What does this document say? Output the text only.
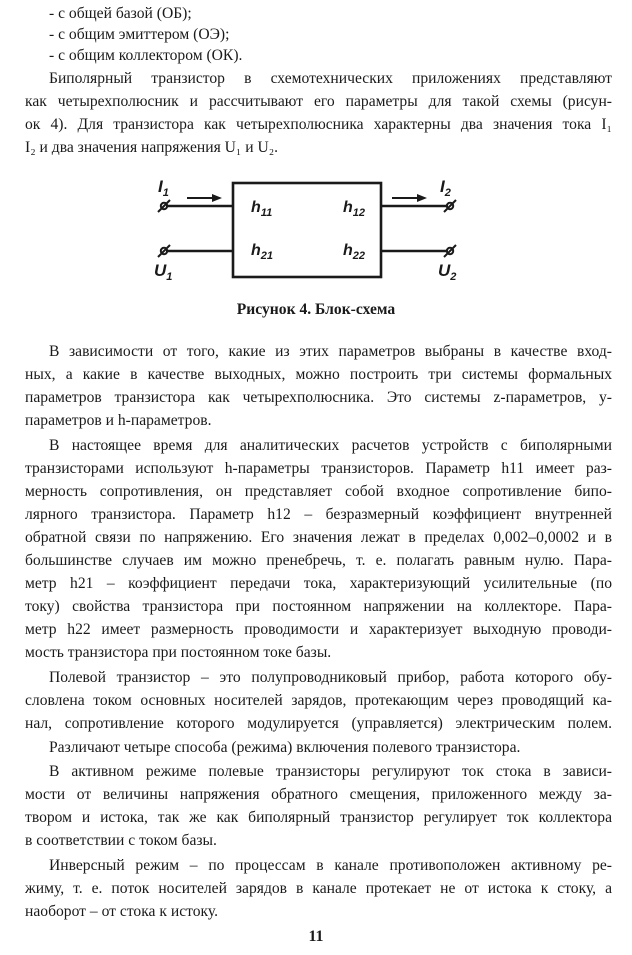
- с общей базой (ОБ);
- с общим эмиттером (ОЭ);
- с общим коллектором (ОК).
Биполярный транзистор в схемотехнических приложениях представляют
как четырехполюсник и рассчитывают его параметры для такой схемы (рисун-
ок 4). Для транзистора как четырехполюсника характерны два значения тока I₁
I₂ и два значения напряжения U₁ и U₂.
$I_1$
$U_1$
$I_2$
$U_2$
$h_{11}$	$h_{12}$
$h_{21}$	$h_{22}$
Рисунок 4. Блок-схема
В зависимости от того, какие из этих параметров выбраны в качестве вход-
ных, а какие в качестве выходных, можно построить три системы формальных
параметров транзистора как четырехполюсника. Это системы z-параметров, y-
параметров и h-параметров.
В настоящее время для аналитических расчетов устройств с биполярными
транзисторами используют h-параметры транзисторов. Параметр h11 имеет раз-
мерность сопротивления, он представляет собой входное сопротивление бипо-
лярного транзистора. Параметр h12 – безразмерный коэффициент внутренней
обратной связи по напряжению. Его значения лежат в пределах 0,002–0,0002 и в
большинстве случаев им можно пренебречь, т. е. полагать равным нулю. Пара-
метр h21 – коэффициент передачи тока, характеризующий усилительные (по
току) свойства транзистора при постоянном напряжении на коллекторе. Пара-
метр h22 имеет размерность проводимости и характеризует выходную проводи-
мость транзистора при постоянном токе базы.
Полевой транзистор – это полупроводниковый прибор, работа которого обу-
словлена током основных носителей зарядов, протекающим через проводящий ка-
нал, сопротивление которого модулируется (управляется) электрическим полем.
Различают четыре способа (режима) включения полевого транзистора.
В активном режиме полевые транзисторы регулируют ток стока в зависи-
мости от величины напряжения обратного смещения, приложенного между за-
твором и истока, так же как биполярный транзистор регулирует ток коллектора
в соответствии с током базы.
Инверсный режим – по процессам в канале противоположен активному ре-
жиму, т. е. поток носителей зарядов в канале протекает не от истока к стоку, а
наоборот – от стока к истоку.
11
